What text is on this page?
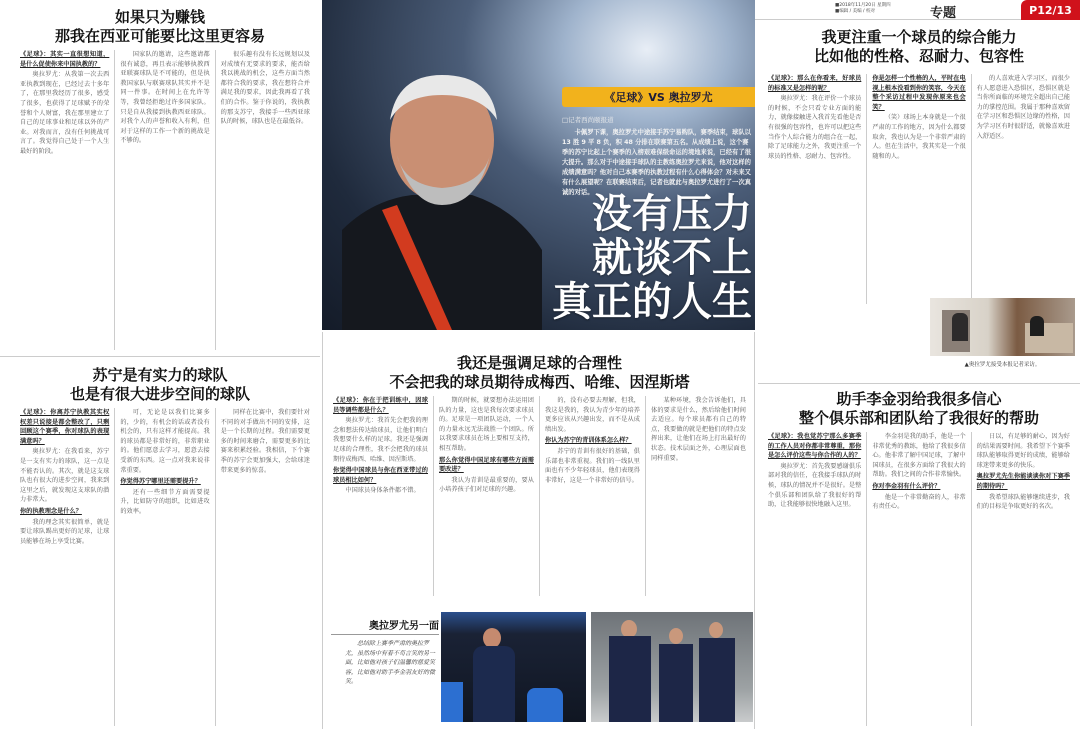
■2018年11月20日 星期四
■编辑 / 美编 / 校对	专题	P12/13
如果只为赚钱
那我在西亚可能要比这里更容易
《足球》：其实一直很想知道，是什么促使你来中国执教的？
奥拉罗尤：从我第一次去西亚执教到现在，已经过去十多年了，在那里我经历了很多，感受了很多，也获得了足球赋予的荣誉和个人财富，我在那里建立了自己的足球事业和足球以外的产业。对我而言，没有任何挑战可言了。我觉得自己处于一个人生最好的阶段。
国家队的邀请，这些邀请都很有诚意，再且表示能够执教西亚联赛球队是不可能的，但是执教国家队与联赛球队其实并不是同一件事。在时间上在允许等等，我曾经拒绝过许多国家队。只是自从我接到执教西亚球队。对我个人的声誉和收入有利，但对于这样的工作一个新的挑战是不够的。
很乐趣有没有长远规划以及对成绩有无要求的要求，能否给我以挑战的机会，这些方面当然都符合我的要求，我在想符合并满足我的要求，因此我再看了我们的合作。鉴于你说的，我执教的那支苏宁，我接手一些西亚球队的时候，球队也是在最低谷。
《足球》VS 奥拉罗尤
□记者西尚颐报道
卡佩罗下课，奥拉罗尤中途接手苏宁易购队，赛季结束，球队以 13 胜 9 平 8 负，积 48 分排在联赛第五名。从成绩上说，这个赛季的苏宁比起上个赛季的入榜艰难保级命运的境地来说，已经有了很大提升。那么对于中途接手球队的主教练奥拉罗尤来说，他对这样的成绩满意吗？他对自己本赛季的执教过程有什么心得体会？对未来又有什么展望呢？在联赛结束后，记者也就此与奥拉罗尤进行了一次真诚的对话。
没有压力
就谈不上
真正的人生
我更注重一个球员的综合能力
比如他的性格、忍耐力、包容性
《足球》：那么在你看来，好球员的标准又是怎样的呢？
奥拉罗尤：我在评价一个球员的时候，不会只看专业方面的能力，就像接触进入我首先看他是否有很强的包容性，也许可以把这些当作个人综合能力的组合在一起，除了足球能力之外，我更注重一个球员的性格、忍耐力、包容性。
你是怎样一个性格的人，平时在电视上根本没看到你的笑容，今天在整个采访过程中发现你原来也会笑？
（笑）球场上本身就是一个很严肃的工作的地方，因为什么都要取舍，我也认为是一个非常严肃的人。但在生活中，我其实是一个很随和的人。
的人喜欢进入学习区，而很少有人愿意进入恐惧区，恐惧区就是当你所面临的环境完全超出自己能力的掌控范围。我属于那种喜欢留在学习区和恐惧区边缘的性格，因为学习区有时很舒适，就像喜欢进入舒适区。
▲奥拉罗尤接受本报记者采访。
苏宁是有实力的球队
也是有很大进步空间的球队
《足球》：你离苏宁执教其实权权差只说接是都会整改了，只剩回顾这个赛季，你对球队的表现满意吗？
奥拉罗尤：在我看来，苏宁是一支有实力的球队，这一点是不能否认的。其次，就是这支球队也有很大的进步空间，我来到这里之后，就发现这支球队的潜力非常大。
你的执教理念是什么？
我的理念其实很简单，就是要让球队踢出更好的足球，让球员能够在场上享受比赛。
可，无论是以我们比赛多的，少的，有机会的话或者没有机会的，只有这样才能提高。我的球员都是非常好的，非常职业的。他们愿意去学习，愿意去接受新的东西。这一点对我来说非常重要。
你觉得苏宁哪里还需要提升？
还有一些细节方面需要提升，比如防守的组织，比如进攻的效率。
同样在比赛中，我们要针对不同的对手做出不同的安排，这是一个长期的过程。我们需要更多的时间来磨合，需要更多的比赛来积累经验。我相信，下个赛季的苏宁会更加强大，会给球迷带来更多的惊喜。
我还是强调足球的合理性
不会把我的球员期待成梅西、哈维、因涅斯塔
《足球》：你在于把训练中，因球员等调些都是什么？
奥拉罗尤：我首先会把我的理念和想法传达给球员，让他们明白我想要什么样的足球。我还是强调足球的合理性，我不会把我的球员期待成梅西、哈维、因涅斯塔。
你觉得中国球员与你在西亚带过的球员相比如何？
中国球员身体条件都不错。
期的时候，就要想办法运用团队的力量，这也是我每次要求球员的。足球是一项团队运动，一个人的力量永远无法战胜一个团队。所以我要求球员在场上要相互支持，相互帮助。
那么你觉得中国足球有哪些方面需要改进？
我认为青训是最重要的，要从小培养孩子们对足球的兴趣。
的，没有必要去理解，但我，我这是我的，我认为青少年的培养更多应该从兴趣出发，而不是从成绩出发。
你认为苏宁的青训体系怎么样？
苏宁的青训有很好的基础，俱乐部也非常重视。我们的一线队里面也有不少年轻球员，他们表现得非常好，这是一个非常好的信号。
某种环境，我会告诉他们，具体的要求是什么，然后给他们时间去适应。每个球员都有自己的特点，我要做的就是把他们的特点发挥出来，让他们在场上打出最好的状态。技术层面之外，心理层面也同样重要。
奥拉罗尤另一面
总结除上赛季严肃的奥拉罗尤，虽然场中有着不苟言笑的另一面，比如他对孩子们温馨的慈爱笑容，比如他对助手李金羽友好的微笑。
助手李金羽给我很多信心
整个俱乐部和团队给了我很好的帮助
《足球》：我也觉苏宁那么多赛季的工作人员对你都非常尊重，那你是怎么评价这些与你合作的人的？
奥拉罗尤：首先我要感谢俱乐部对我的信任，在我接手球队的时候，球队的情况并不是很好。是整个俱乐部和团队给了我很好的帮助，让我能够很快地融入这里。
李金羽是我的助手，他是一个非常优秀的教练，他给了我很多信心。他非常了解中国足球，了解中国球员，在很多方面给了我很大的帮助。我们之间的合作非常愉快。
你对李金羽有什么评价？
他是一个非常勤奋的人，非常有责任心。
日以，有足够的耐心，因为好的结果需要时间。我希望下个赛季球队能够取得更好的成绩，能够给球迷带来更多的快乐。
奥拉罗尤先生你能谈谈你对下赛季的期待吗？
我希望球队能够继续进步，我们的目标是争取更好的名次。
